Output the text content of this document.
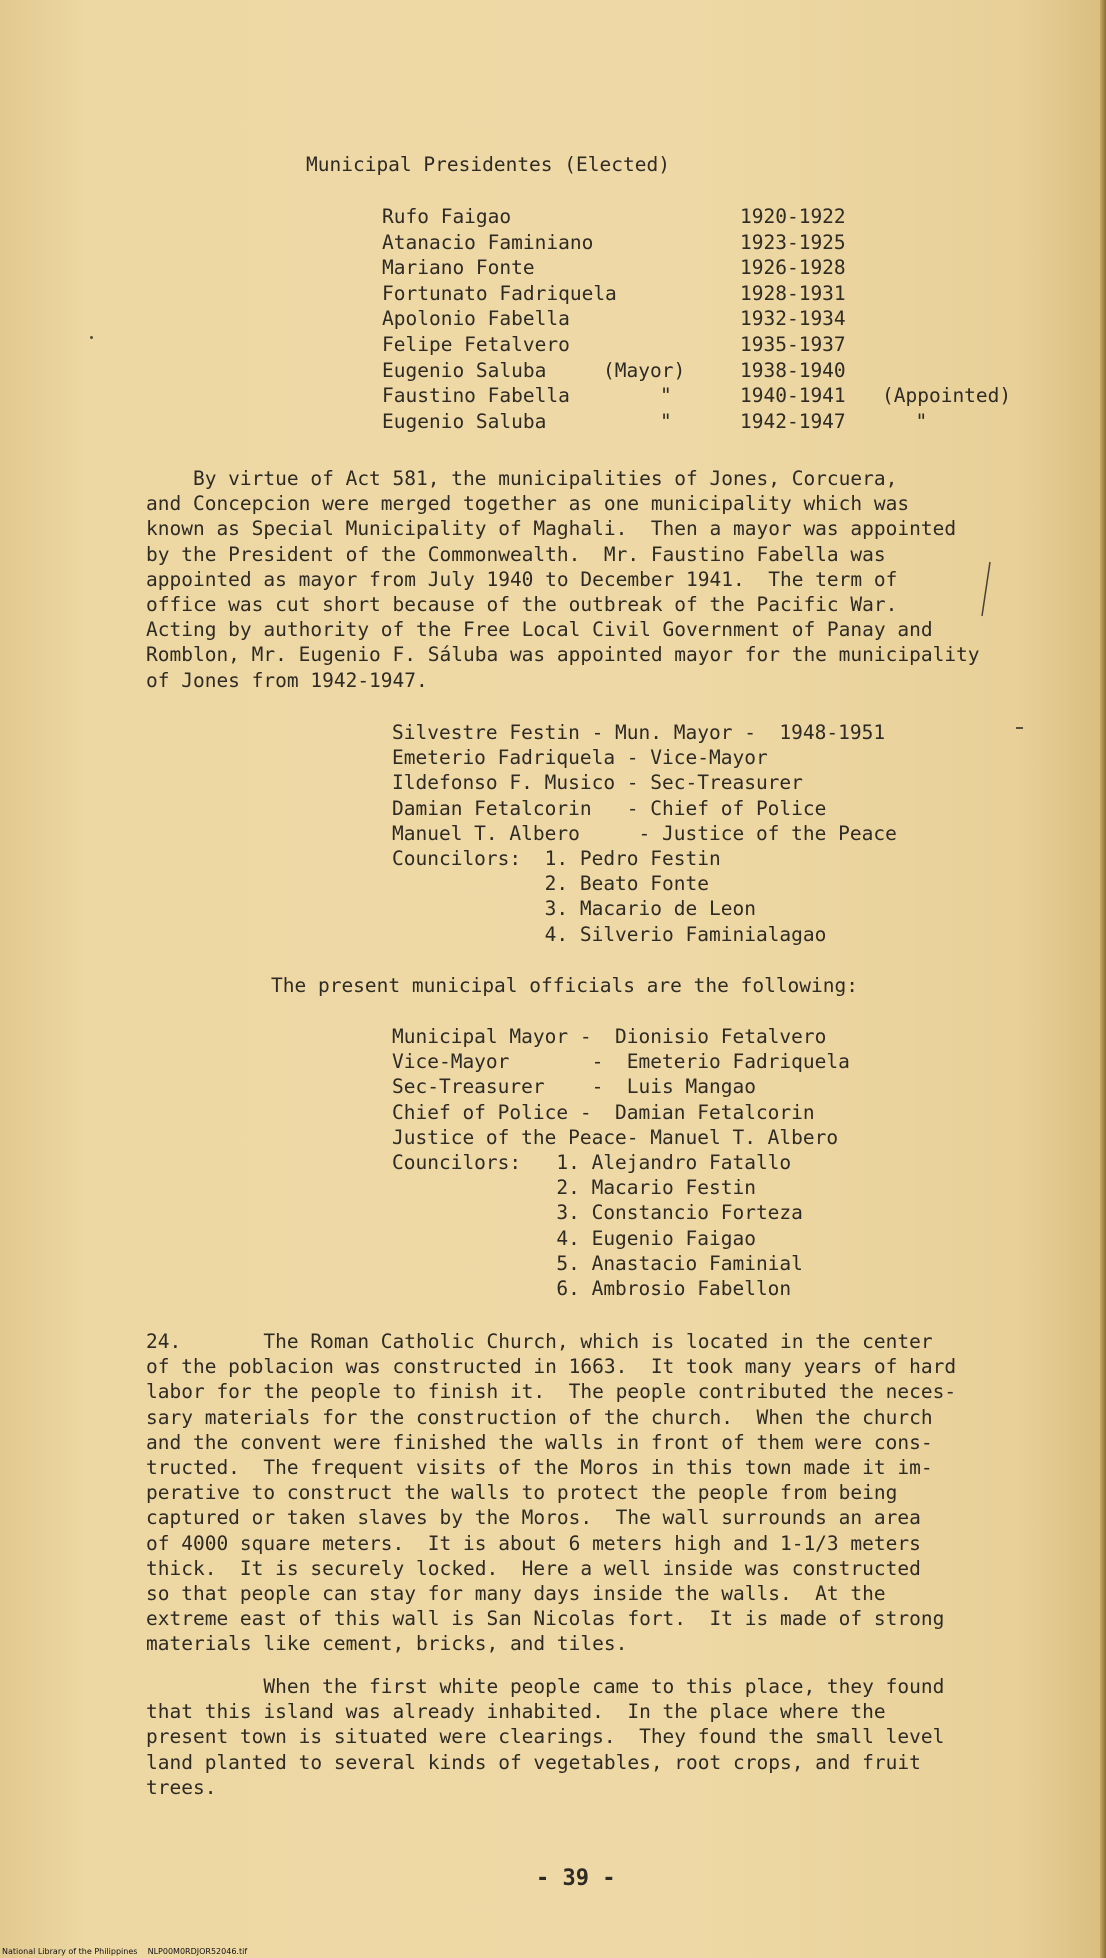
Municipal Presidentes (Elected)
Rufo Faigao	1920-1922
Atanacio Faminiano	1923-1925
Mariano Fonte	1926-1928
Fortunato Fadriquela	1928-1931
Apolonio Fabella	1932-1934
Felipe Fetalvero	1935-1937
Eugenio Saluba	(Mayor)	1938-1940
Faustino Fabella	"	1940-1941 (Appointed)
Eugenio Saluba	"	1942-1947 "

By virtue of Act 581, the municipalities of Jones, Corcuera,

and Concepcion were merged together as one municipality which was

known as Special Municipality of Maghali.  Then a mayor was appointed

by the President of the Commonwealth.  Mr. Faustino Fabella was

appointed as mayor from July 1940 to December 1941.  The term of

office was cut short because of the outbreak of the Pacific War.

Acting by authority of the Free Local Civil Government of Panay and

Romblon, Mr. Eugenio F. Sáluba was appointed mayor for the municipality

of Jones from 1942-1947.

Silvestre Festin - Mun. Mayor -  1948-1951

Emeterio Fadriquela - Vice-Mayor

Ildefonso F. Musico - Sec-Treasurer

Damian Fetalcorin   - Chief of Police

Manuel T. Albero     - Justice of the Peace

Councilors:  1. Pedro Festin

2. Beato Fonte

3. Macario de Leon

4. Silverio Faminialagao

The present municipal officials are the following:

Municipal Mayor -  Dionisio Fetalvero

Vice-Mayor       -  Emeterio Fadriquela

Sec-Treasurer    -  Luis Mangao

Chief of Police -  Damian Fetalcorin

Justice of the Peace- Manuel T. Albero

Councilors:   1. Alejandro Fatallo

2. Macario Festin

3. Constancio Forteza

4. Eugenio Faigao

5. Anastacio Faminial

6. Ambrosio Fabellon

24.       The Roman Catholic Church, which is located in the center

of the poblacion was constructed in 1663.  It took many years of hard

labor for the people to finish it.  The people contributed the neces-

sary materials for the construction of the church.  When the church

and the convent were finished the walls in front of them were cons-

tructed.  The frequent visits of the Moros in this town made it im-

perative to construct the walls to protect the people from being

captured or taken slaves by the Moros.  The wall surrounds an area

of 4000 square meters.  It is about 6 meters high and 1-1/3 meters

thick.  It is securely locked.  Here a well inside was constructed

so that people can stay for many days inside the walls.  At the

extreme east of this wall is San Nicolas fort.  It is made of strong

materials like cement, bricks, and tiles.

When the first white people came to this place, they found

that this island was already inhabited.  In the place where the

present town is situated were clearings.  They found the small level

land planted to several kinds of vegetables, root crops, and fruit

trees.

- 39 -
National Library of the Philippines    NLP00M0RDJOR52046.tif
